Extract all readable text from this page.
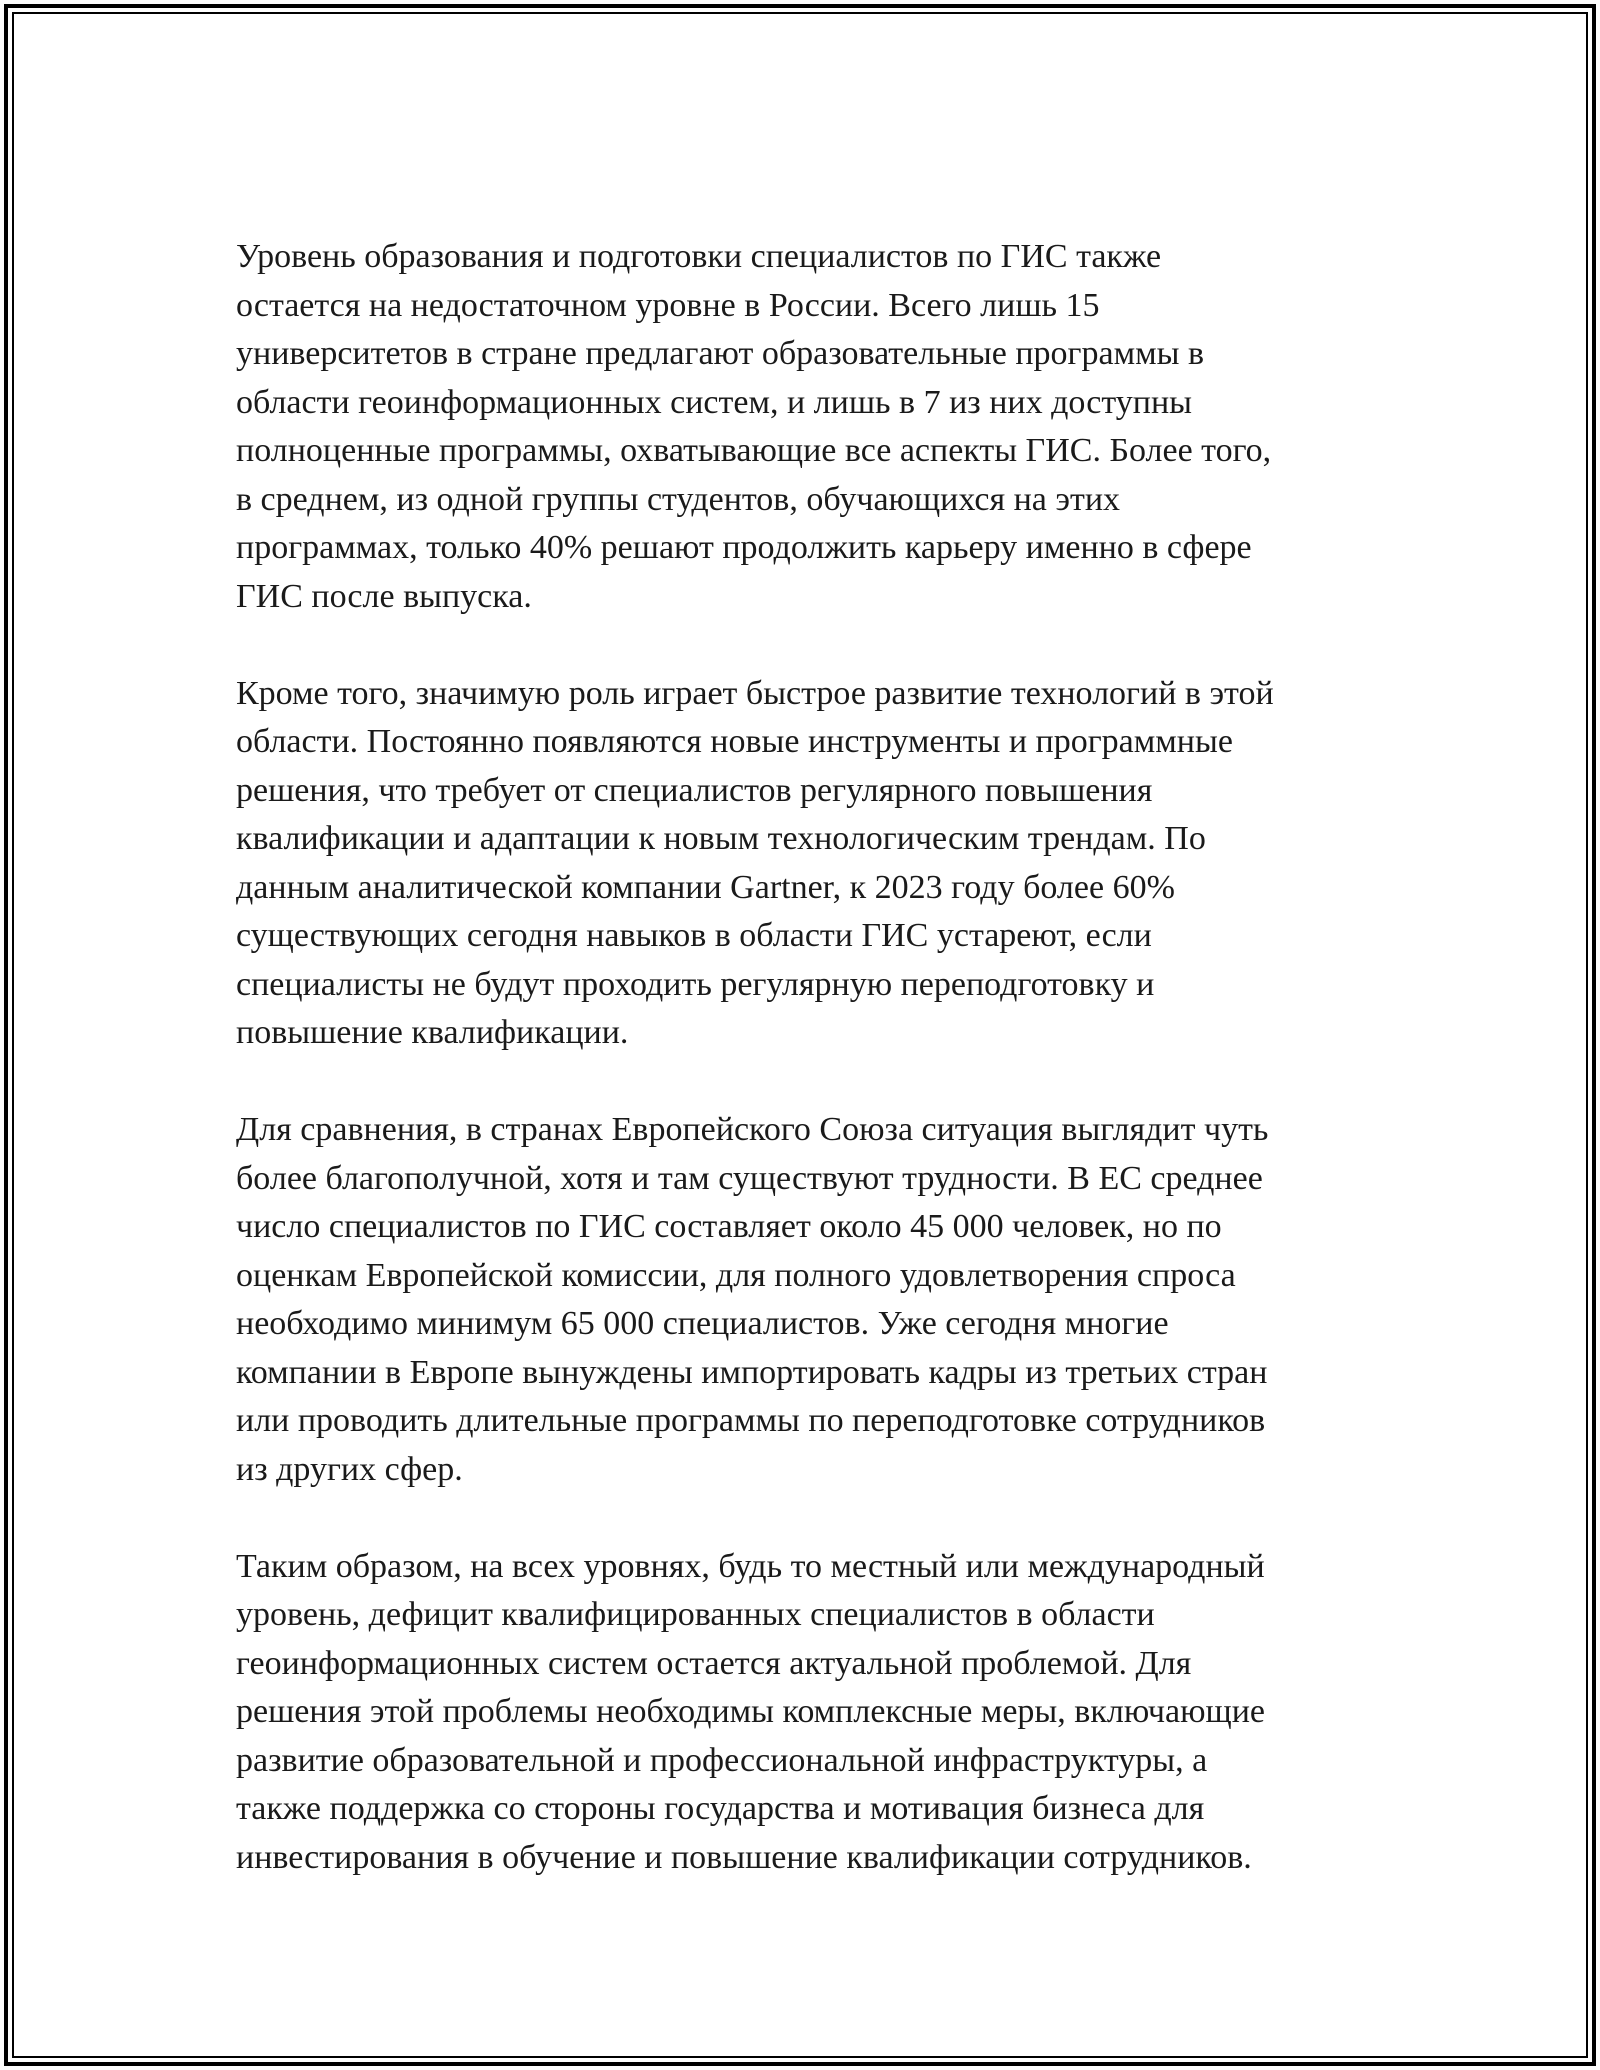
Уровень образования и подготовки специалистов по ГИС также
остается на недостаточном уровне в России. Всего лишь 15
университетов в стране предлагают образовательные программы в
области геоинформационных систем, и лишь в 7 из них доступны
полноценные программы, охватывающие все аспекты ГИС. Более того,
в среднем, из одной группы студентов, обучающихся на этих
программах, только 40% решают продолжить карьеру именно в сфере
ГИС после выпуска.

Кроме того, значимую роль играет быстрое развитие технологий в этой
области. Постоянно появляются новые инструменты и программные
решения, что требует от специалистов регулярного повышения
квалификации и адаптации к новым технологическим трендам. По
данным аналитической компании Gartner, к 2023 году более 60%
существующих сегодня навыков в области ГИС устареют, если
специалисты не будут проходить регулярную переподготовку и
повышение квалификации.

Для сравнения, в странах Европейского Союза ситуация выглядит чуть
более благополучной, хотя и там существуют трудности. В ЕС среднее
число специалистов по ГИС составляет около 45 000 человек, но по
оценкам Европейской комиссии, для полного удовлетворения спроса
необходимо минимум 65 000 специалистов. Уже сегодня многие
компании в Европе вынуждены импортировать кадры из третьих стран
или проводить длительные программы по переподготовке сотрудников
из других сфер.

Таким образом, на всех уровнях, будь то местный или международный
уровень, дефицит квалифицированных специалистов в области
геоинформационных систем остается актуальной проблемой. Для
решения этой проблемы необходимы комплексные меры, включающие
развитие образовательной и профессиональной инфраструктуры, а
также поддержка со стороны государства и мотивация бизнеса для
инвестирования в обучение и повышение квалификации сотрудников.
